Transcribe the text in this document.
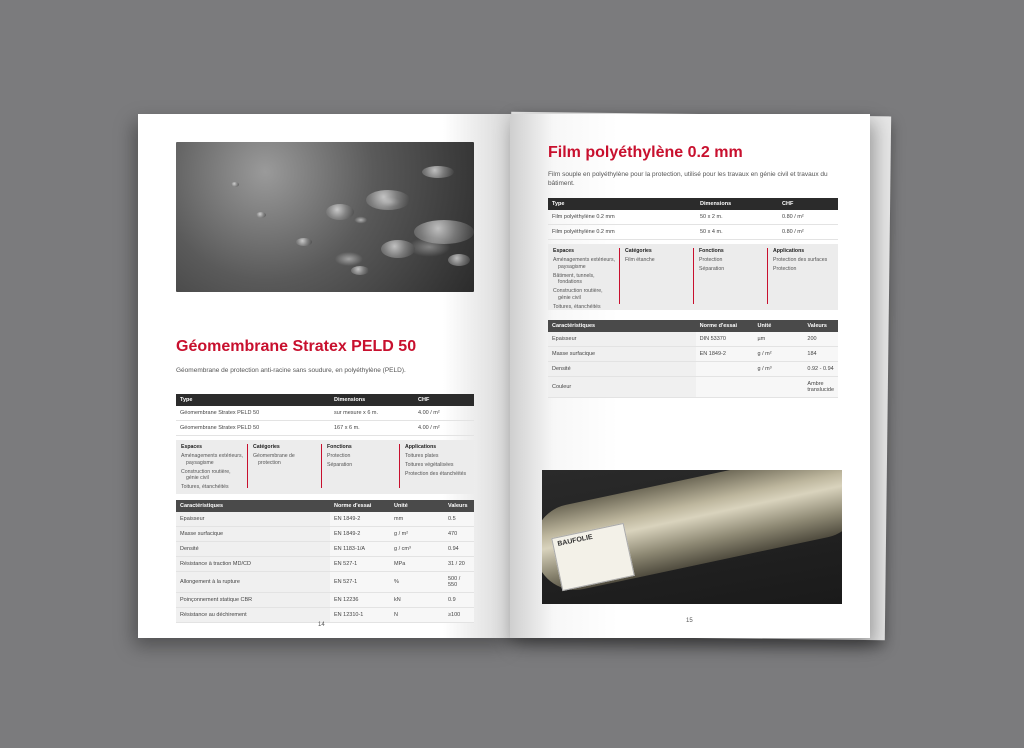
Géomembrane Stratex PELD 50
Géomembrane de protection anti-racine sans soudure, en polyéthylène (PELD).
Type	Dimensions	CHF
Géomembrane Stratex PELD 50	sur mesure x 6 m.	4.00 / m²
Géomembrane Stratex PELD 50	167 x 6 m.	4.00 / m²
Espaces
Aménagements extérieurs, paysagisme
Construction routière, génie civil
Toitures, étanchéités
Catégories
Géomembrane de protection
Fonctions
Protection
Séparation
Applications
Toitures plates
Toitures végétalisées
Protection des étanchéités
Caractéristiques	Norme d'essai	Unité	Valeurs
Epaisseur	EN 1849-2	mm	0.5
Masse surfacique	EN 1849-2	g / m²	470
Densité	EN 1183-1/A	g / cm³	0.94
Résistance à traction MD/CD	EN 527-1	MPa	31 / 20
Allongement à la rupture	EN 527-1	%	500 / 550
Poinçonnement statique CBR	EN 12236	kN	0.9
Résistance au déchirement	EN 12310-1	N	≥100
14
Film polyéthylène 0.2 mm
Film souple en polyéthylène pour la protection, utilisé pour les travaux en génie civil et travaux du bâtiment.
Type	Dimensions	CHF
Film polyéthylène 0.2 mm	50 x 2 m.	0.80 / m²
Film polyéthylène 0.2 mm	50 x 4 m.	0.80 / m²
Espaces
Aménagements extérieurs, paysagisme
Bâtiment, tunnels, fondations
Construction routière, génie civil
Toitures, étanchéités
Catégories
Film étanche
Fonctions
Protection
Séparation
Applications
Protection des surfaces
Protection
Caractéristiques	Norme d'essai	Unité	Valeurs
Epaisseur	DIN 53370	µm	200
Masse surfacique	EN 1849-2	g / m²	184
Densité		g / m³	0.92 - 0.94
Couleur			Ambre translucide
BAUFOLIE
15
